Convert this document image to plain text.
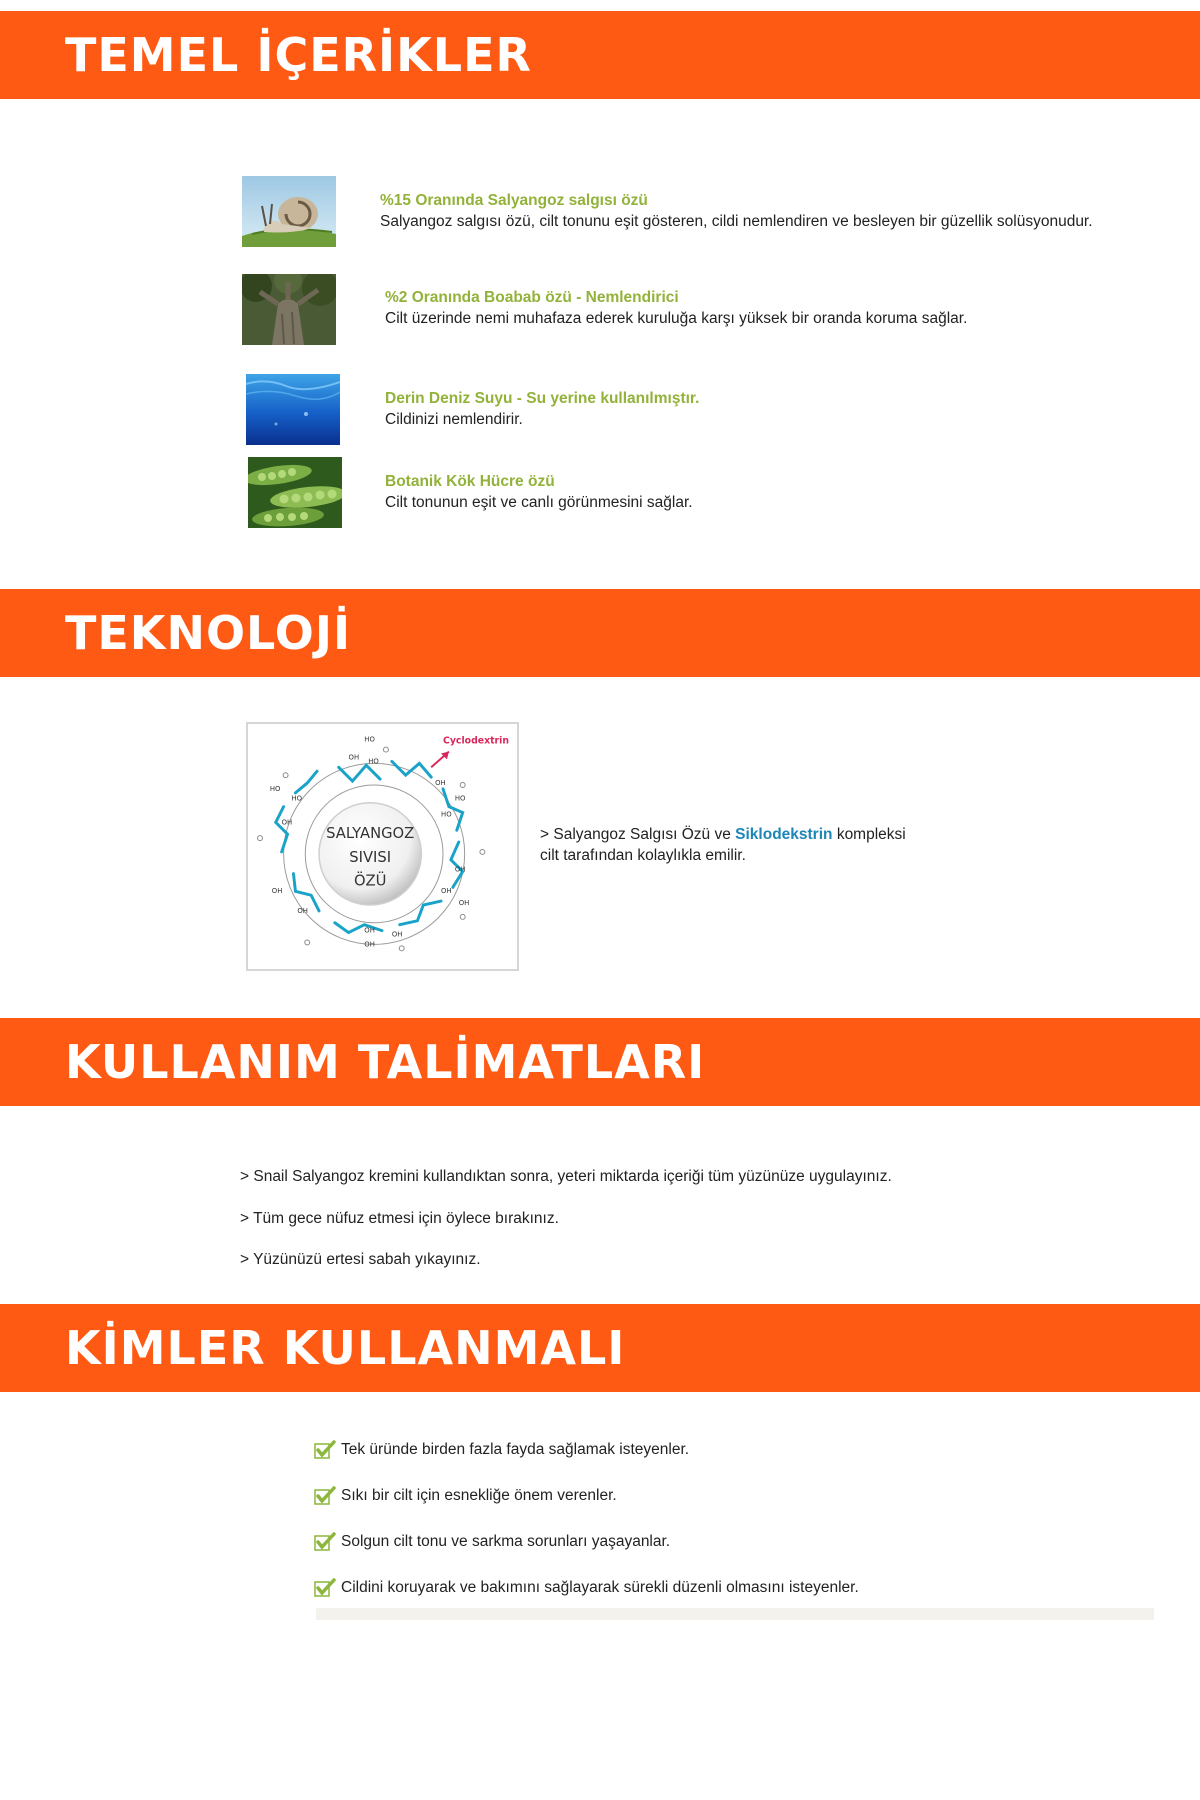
TEMEL İÇERİKLER
%15 Oranında Salyangoz salgısı özü
Salyangoz salgısı özü, cilt tonunu eşit gösteren, cildi nemlendiren ve besleyen bir güzellik solüsyonudur.
%2 Oranında Boabab özü - Nemlendirici
Cilt üzerinde nemi muhafaza ederek kuruluğa karşı yüksek bir oranda koruma sağlar.
Derin Deniz Suyu - Su yerine kullanılmıştır.
Cildinizi nemlendirir.
Botanik Kök Hücre özü
Cilt tonunun eşit ve canlı görünmesini sağlar.
TEKNOLOJİ
HO
OH HO
OH
HO
HO
OH
OH
OH
OH
OH
OH
OH
OH
OH
HO
HO
Cyclodextrin
SALYANGOZ
SIVISI
ÖZÜ
> Salyangoz Salgısı Özü ve Siklodekstrin kompleksi
cilt tarafından kolaylıkla emilir.
KULLANIM TALİMATLARI
> Snail Salyangoz kremini kullandıktan sonra, yeteri miktarda içeriği tüm yüzünüze uygulayınız.
> Tüm gece nüfuz etmesi için öylece bırakınız.
> Yüzünüzü ertesi sabah yıkayınız.
KİMLER KULLANMALI
Tek üründe birden fazla fayda sağlamak isteyenler.
Sıkı bir cilt için esnekliğe önem verenler.
Solgun cilt tonu ve sarkma sorunları yaşayanlar.
Cildini koruyarak ve bakımını sağlayarak sürekli düzenli olmasını isteyenler.
